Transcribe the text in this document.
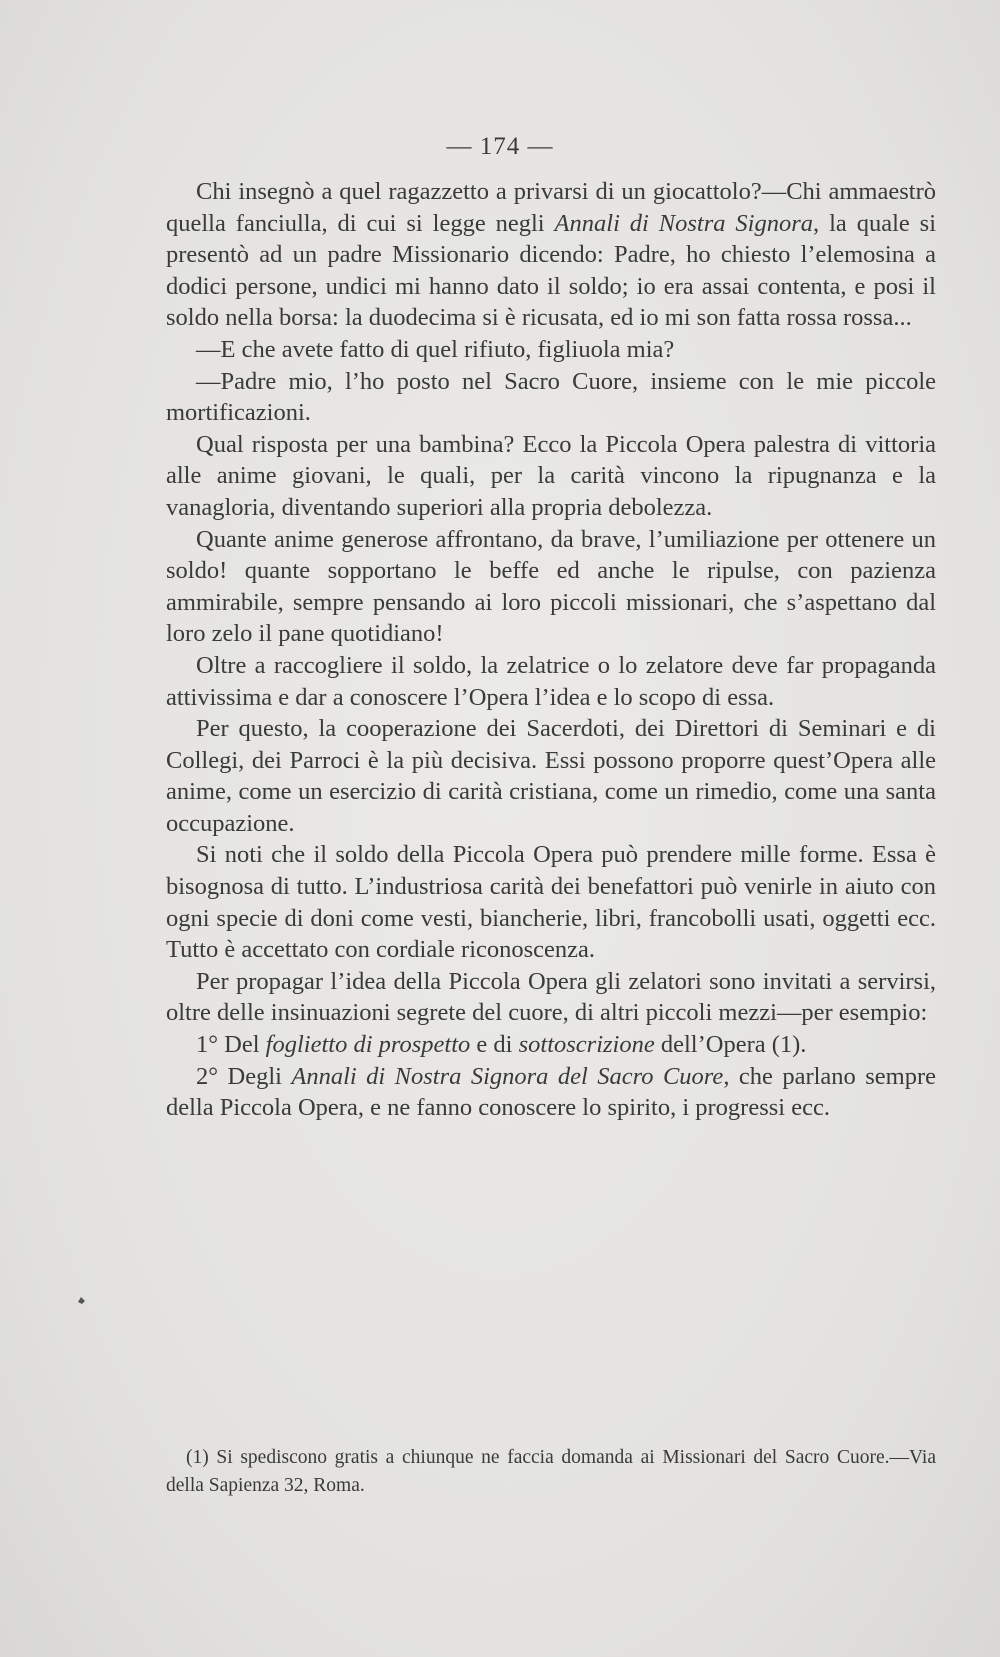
— 174 —

Chi insegnò a quel ragazzetto a privarsi di un giocattolo?—Chi ammaestrò quella fanciulla, di cui si legge negli Annali di Nostra Signora, la quale si presentò ad un padre Missionario dicendo: Padre, ho chiesto l’elemosina a dodici persone, undici mi hanno dato il soldo; io era assai contenta, e posi il soldo nella borsa: la duodecima si è ricusata, ed io mi son fatta rossa rossa...

—E che avete fatto di quel rifiuto, figliuola mia?

—Padre mio, l’ho posto nel Sacro Cuore, insieme con le mie piccole mortificazioni.

Qual risposta per una bambina? Ecco la Piccola Opera palestra di vittoria alle anime giovani, le quali, per la carità vincono la ripugnanza e la vanagloria, diventando superiori alla propria debolezza.

Quante anime generose affrontano, da brave, l’umiliazione per ottenere un soldo! quante sopportano le beffe ed anche le ripulse, con pazienza ammirabile, sempre pensando ai loro piccoli missionari, che s’aspettano dal loro zelo il pane quotidiano!

Oltre a raccogliere il soldo, la zelatrice o lo zelatore deve far propaganda attivissima e dar a conoscere l’Opera l’idea e lo scopo di essa.

Per questo, la cooperazione dei Sacerdoti, dei Direttori di Seminari e di Collegi, dei Parroci è la più decisiva. Essi possono proporre quest’Opera alle anime, come un esercizio di carità cristiana, come un rimedio, come una santa occupazione.

Si noti che il soldo della Piccola Opera può prendere mille forme. Essa è bisognosa di tutto. L’industriosa carità dei benefattori può venirle in aiuto con ogni specie di doni come vesti, biancherie, libri, francobolli usati, oggetti ecc. Tutto è accettato con cordiale riconoscenza.

Per propagar l’idea della Piccola Opera gli zelatori sono invitati a servirsi, oltre delle insinuazioni segrete del cuore, di altri piccoli mezzi—per esempio:

1° Del foglietto di prospetto e di sottoscrizione dell’Opera (1).

2° Degli Annali di Nostra Signora del Sacro Cuore, che parlano sempre della Piccola Opera, e ne fanno conoscere lo spirito, i progressi ecc.

(1) Si spediscono gratis a chiunque ne faccia domanda ai Missionari del Sacro Cuore.—Via della Sapienza 32, Roma.
